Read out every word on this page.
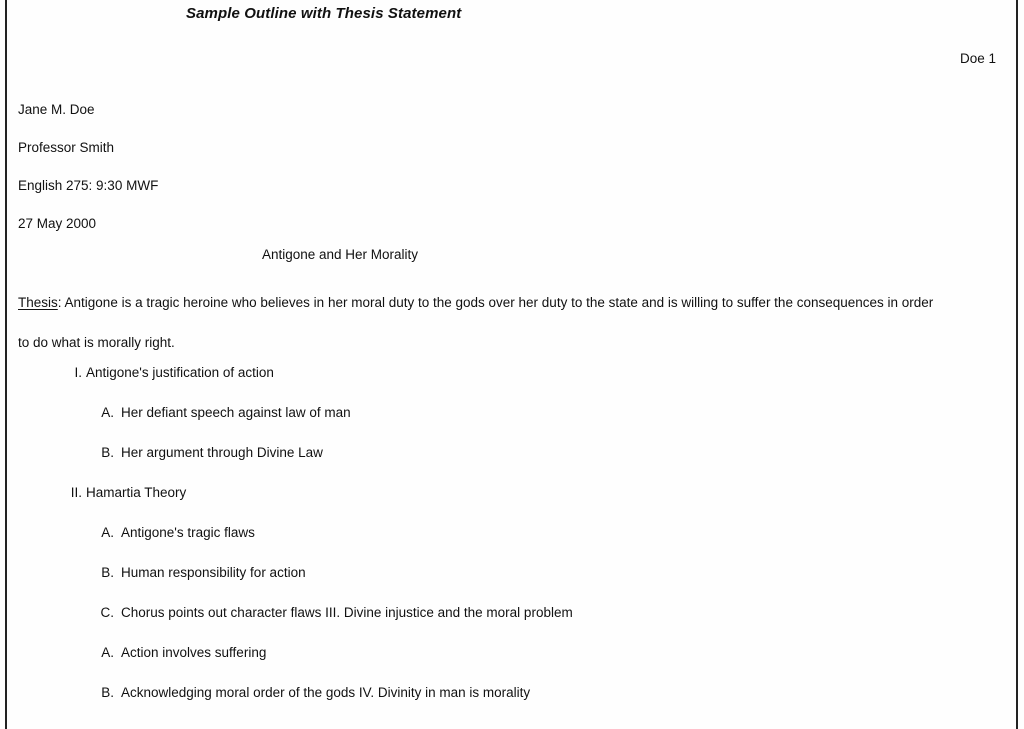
Sample Outline with Thesis Statement
Doe 1
Jane M. Doe
Professor Smith
English 275: 9:30 MWF
27 May 2000
Antigone and Her Morality
Thesis: Antigone is a tragic heroine who believes in her moral duty to the gods over her duty to the state and is willing to suffer the consequences in order to do what is morally right.
I. Antigone's justification of action
A. Her defiant speech against law of man
B. Her argument through Divine Law
II. Hamartia Theory
A. Antigone's tragic flaws
B. Human responsibility for action
C. Chorus points out character flaws III. Divine injustice and the moral problem
A. Action involves suffering
B. Acknowledging moral order of the gods IV. Divinity in man is morality
